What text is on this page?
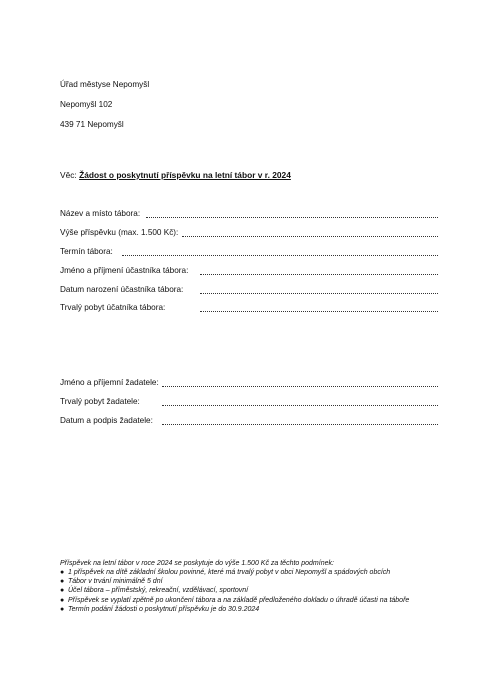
Úřad městyse Nepomyšl
Nepomyšl 102
439 71 Nepomyšl
Věc: Žádost o poskytnutí příspěvku na letní tábor v r. 2024
Název a místo tábora:
Výše příspěvku (max. 1.500 Kč):
Termín tábora:
Jméno a příjmení účastníka tábora:
Datum narození účastníka tábora:
Trvalý pobyt účatníka tábora:
Jméno a příjemní žadatele:
Trvalý pobyt žadatele:
Datum a podpis žadatele:

Příspěvek na letní tábor v roce 2024 se poskytuje do výše 1.500 Kč za těchto podmínek:

● 1 příspěvek na dítě základní školou povinné, které má trvalý pobyt v obci Nepomyšl a spádových obcích
● Tábor v trvání minimálně 5 dní
● Účel tábora – příměstský, rekreační, vzdělávací, sportovní
● Příspěvek se vyplatí zpětně po ukončení tábora a na základě předloženého dokladu o úhradě účasti na táboře
● Termín podání žádosti o poskytnutí příspěvku je do 30.9.2024
